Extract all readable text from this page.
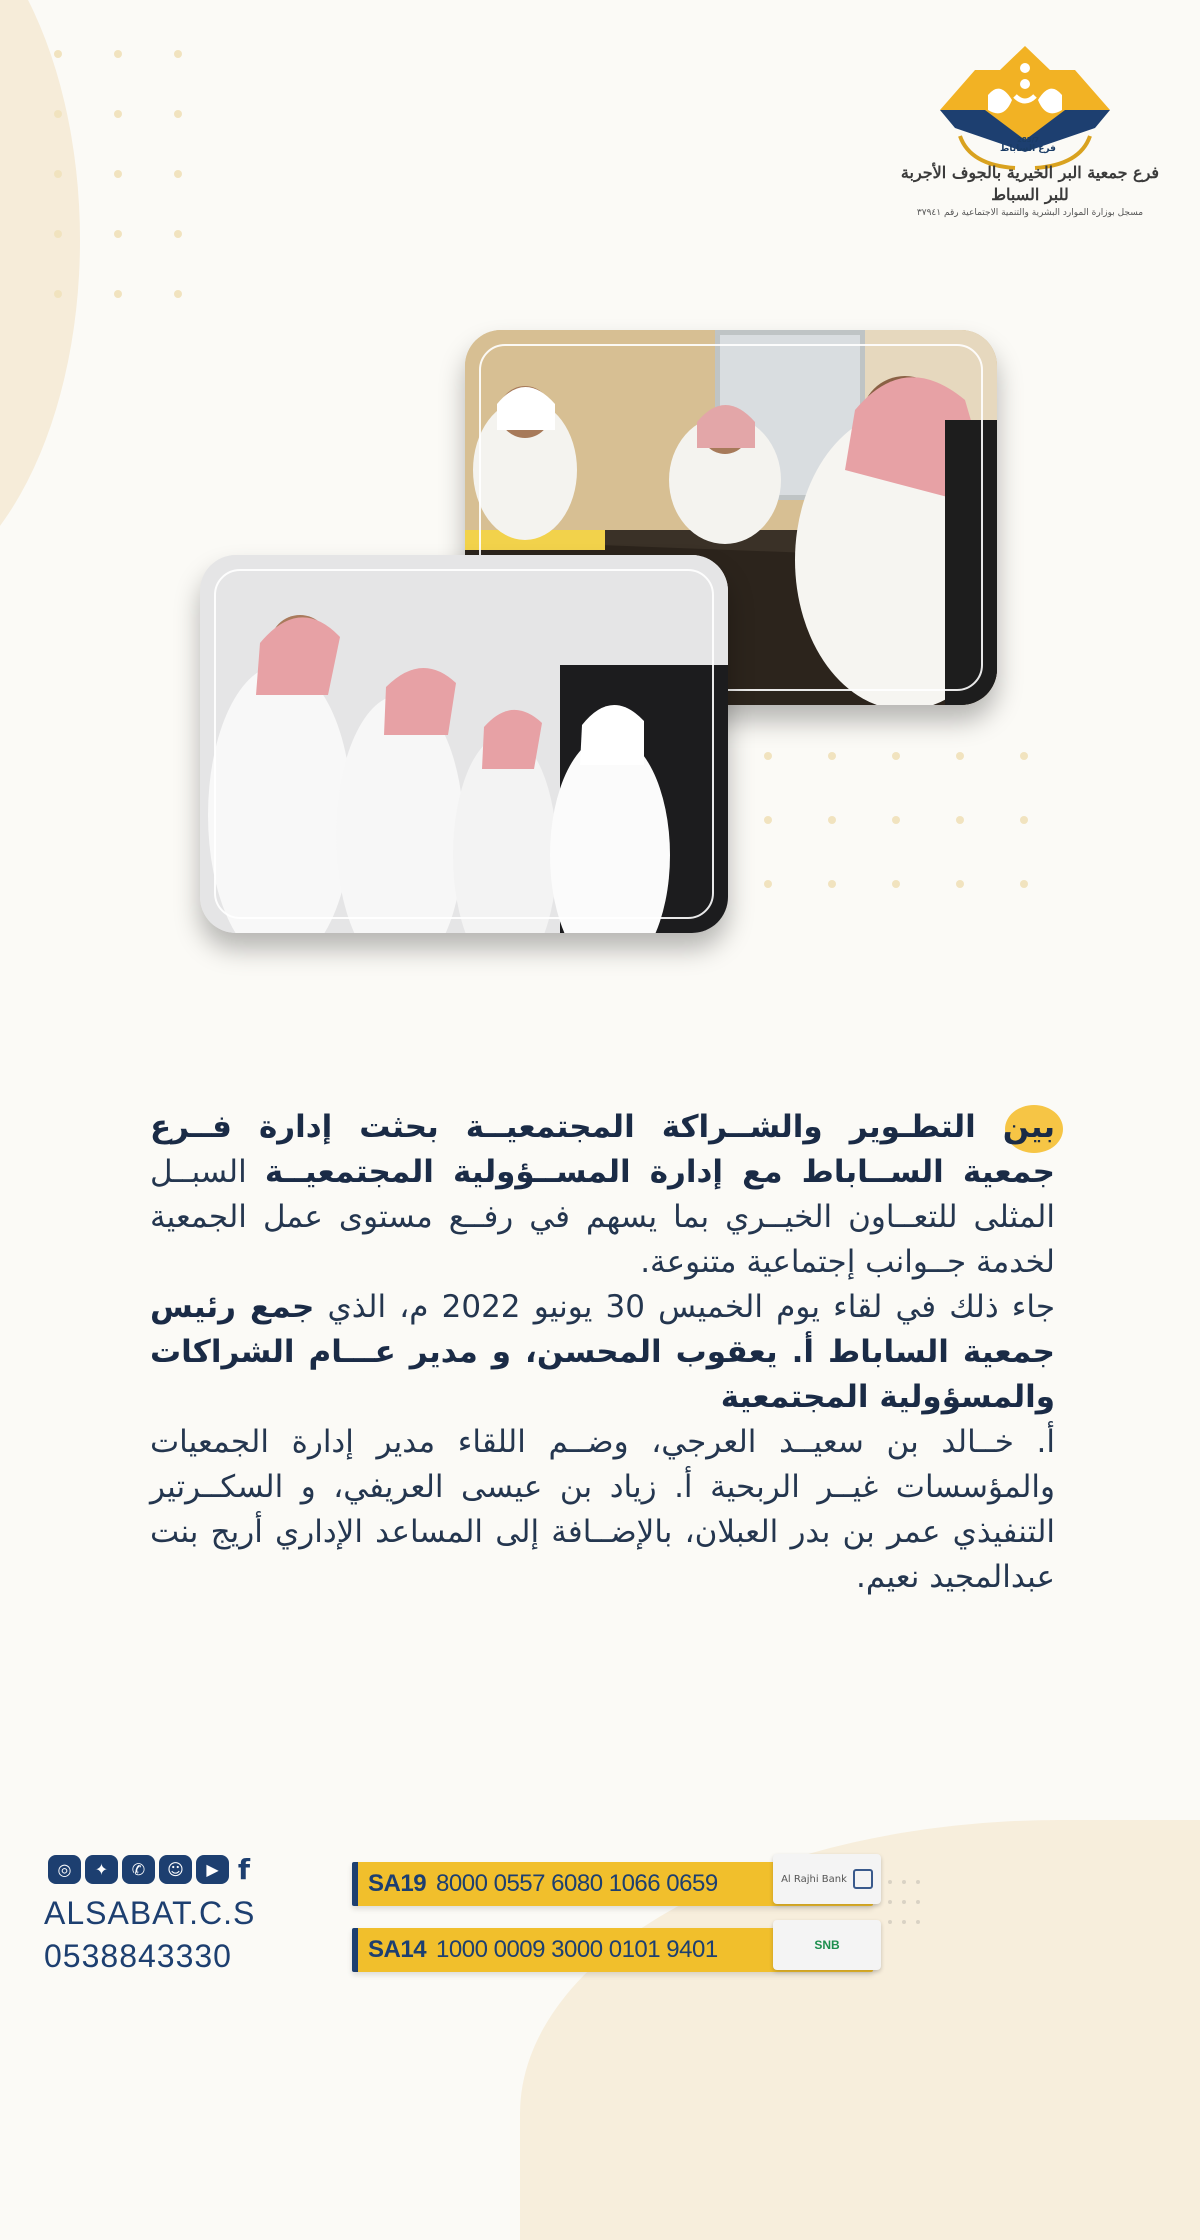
283/7
فرع الساباط
فرع جمعية البر الخيرية بالجوف الأجربة للبر السباط
مسجل بوزارة الموارد البشرية والتنمية الاجتماعية رقم ٣٧٩٤١

بين التطـوير والشــراكة المجتمعيــة بحثت إدارة فــرع جمعية الســاباط مع إدارة المســؤولية المجتمعيــة السبــل المثلى للتعــاون الخيــري بما يسهم في رفــع مستوى عمل الجمعية لخدمة جــوانب إجتماعية متنوعة.

جاء ذلك في لقاء يوم الخميس 30 يونيو 2022 م، الذي جمع رئيس جمعية الساباط أ. يعقوب المحسن، و مدير عـــام الشراكات والمسؤولية المجتمعية

أ. خــالد بن سعيــد العرجي، وضــم اللقاء مدير إدارة الجمعيات والمؤسسات غيــر الربحية أ. زياد بن عيسى العريفي، و السكــرتير التنفيذي عمر بن بدر العبلان، بالإضــافة إلى المساعد الإداري أريج بنت عبدالمجيد نعيم.

◎	✦	✆	☺	▶ f
ALSABAT.C.S
0538843330
SA19 8000 0557 6080 1066 0659	Al Rajhi Bank
SA14 1000 0009 3000 0101 9401	SNB
